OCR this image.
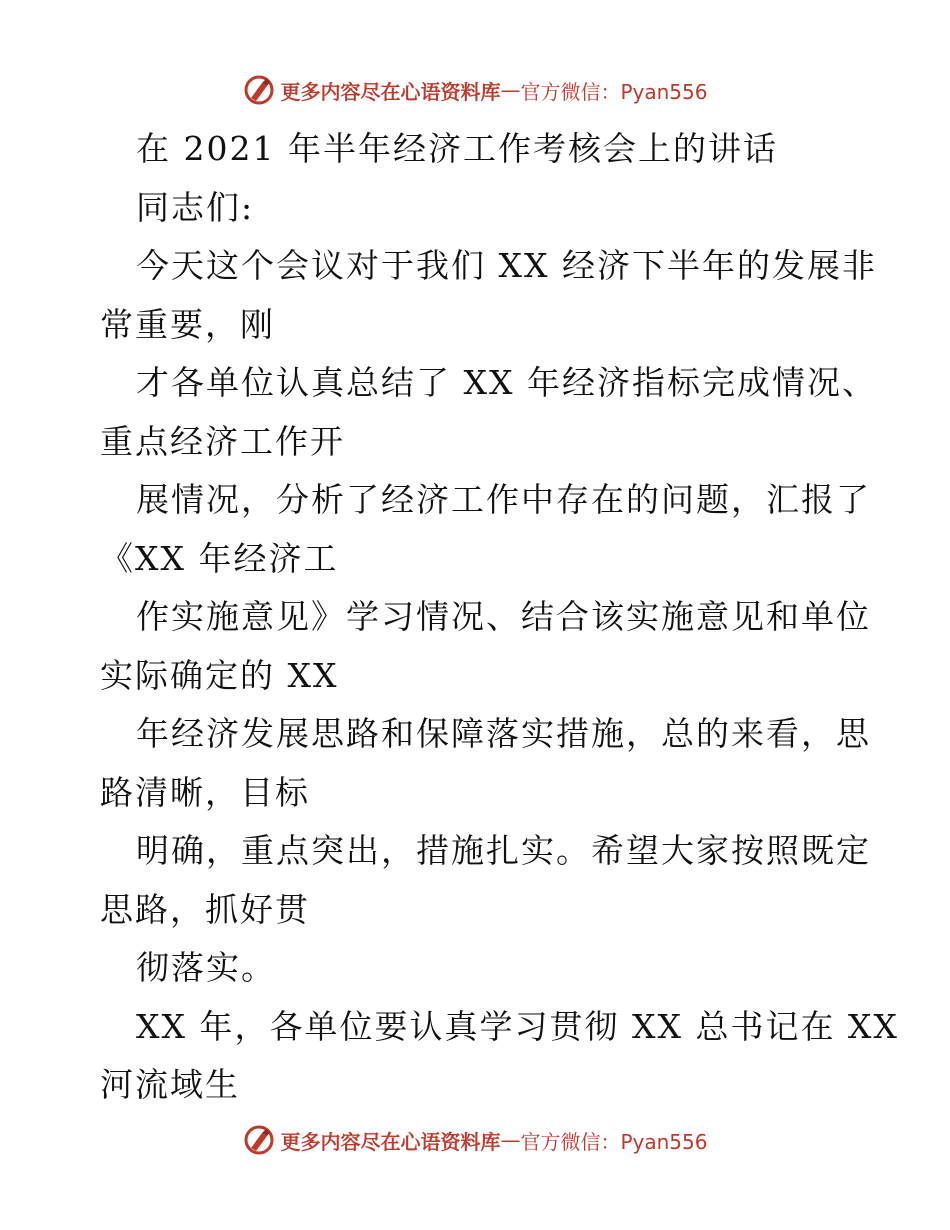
更多内容尽在心语资料库 — 官方微信：Pyan556
在 2021 年半年经济工作考核会上的讲话
同志们:
今天这个会议对于我们 XX 经济下半年的发展非
常重要，刚
才各单位认真总结了 XX 年经济指标完成情况、
重点经济工作开
展情况，分析了经济工作中存在的问题，汇报了
《XX 年经济工
作实施意见》学习情况、结合该实施意见和单位
实际确定的 XX
年经济发展思路和保障落实措施，总的来看，思
路清晰，目标
明确，重点突出，措施扎实。希望大家按照既定
思路，抓好贯
彻落实。
XX 年，各单位要认真学习贯彻 XX 总书记在 XX
河流域生
更多内容尽在心语资料库 — 官方微信：Pyan556
